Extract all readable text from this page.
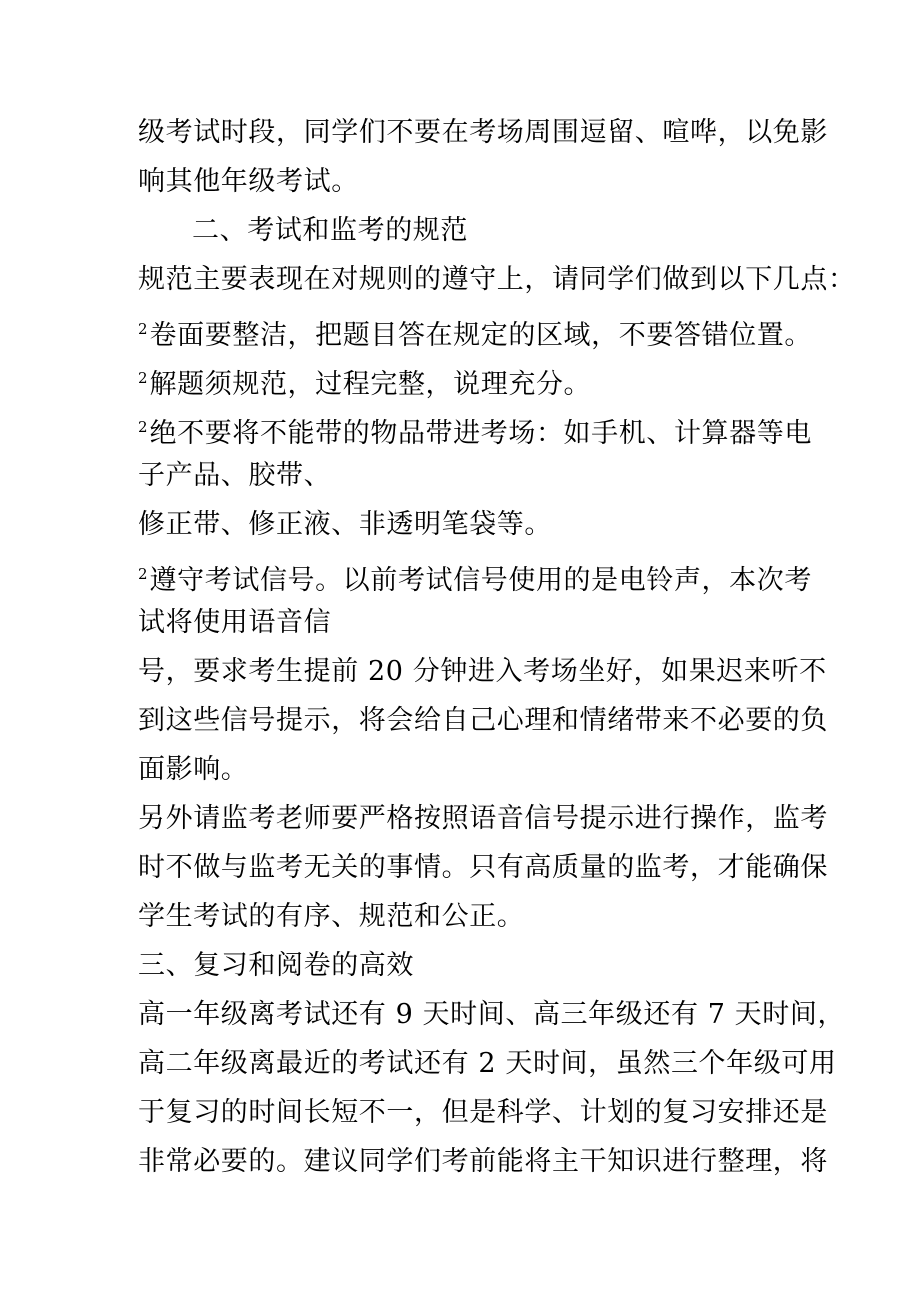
级考试时段，同学们不要在考场周围逗留、喧哗，以免影
响其他年级考试。
二、考试和监考的规范
规范主要表现在对规则的遵守上，请同学们做到以下几点：
$^2$卷面要整洁，把题目答在规定的区域，不要答错位置。
$^2$解题须规范，过程完整，说理充分。
$^2$绝不要将不能带的物品带进考场：如手机、计算器等电
子产品、胶带、
修正带、修正液、非透明笔袋等。
$^2$遵守考试信号。以前考试信号使用的是电铃声，本次考
试将使用语音信
号，要求考生提前 20 分钟进入考场坐好，如果迟来听不
到这些信号提示，将会给自己心理和情绪带来不必要的负
面影响。
另外请监考老师要严格按照语音信号提示进行操作，监考
时不做与监考无关的事情。只有高质量的监考，才能确保
学生考试的有序、规范和公正。
三、复习和阅卷的高效
高一年级离考试还有 9 天时间、高三年级还有 7 天时间，
高二年级离最近的考试还有 2 天时间，虽然三个年级可用
于复习的时间长短不一，但是科学、计划的复习安排还是
非常必要的。建议同学们考前能将主干知识进行整理，将
